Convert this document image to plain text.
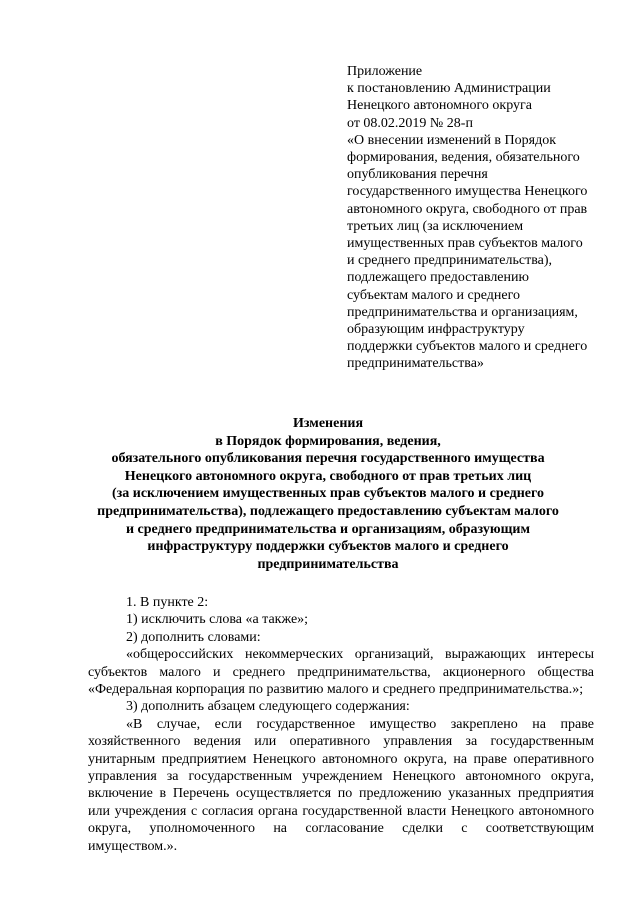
Приложение
к постановлению Администрации
Ненецкого автономного округа
от 08.02.2019 № 28-п
«О внесении изменений в Порядок
формирования, ведения, обязательного
опубликования перечня
государственного имущества Ненецкого
автономного округа, свободного от прав
третьих лиц (за исключением
имущественных прав субъектов малого
и среднего предпринимательства),
подлежащего предоставлению
субъектам малого и среднего
предпринимательства и организациям,
образующим инфраструктуру
поддержки субъектов малого и среднего
предпринимательства»
Изменения
в Порядок формирования, ведения,
обязательного опубликования перечня государственного имущества
Ненецкого автономного округа, свободного от прав третьих лиц
(за исключением имущественных прав субъектов малого и среднего
предпринимательства), подлежащего предоставлению субъектам малого
и среднего предпринимательства и организациям, образующим
инфраструктуру поддержки субъектов малого и среднего
предпринимательства
1. В пункте 2:
1) исключить слова «а также»;
2) дополнить словами:
«общероссийских некоммерческих организаций, выражающих интересы
субъектов малого и среднего предпринимательства, акционерного общества
«Федеральная корпорация по развитию малого и среднего предпринимательства.»;
3) дополнить абзацем следующего содержания:
«В случае, если государственное имущество закреплено на праве
хозяйственного ведения или оперативного управления за государственным
унитарным предприятием Ненецкого автономного округа, на праве оперативного
управления за государственным учреждением Ненецкого автономного округа,
включение в Перечень осуществляется по предложению указанных предприятия
или учреждения с согласия органа государственной власти Ненецкого автономного
округа, уполномоченного на согласование сделки с соответствующим
имуществом.».
